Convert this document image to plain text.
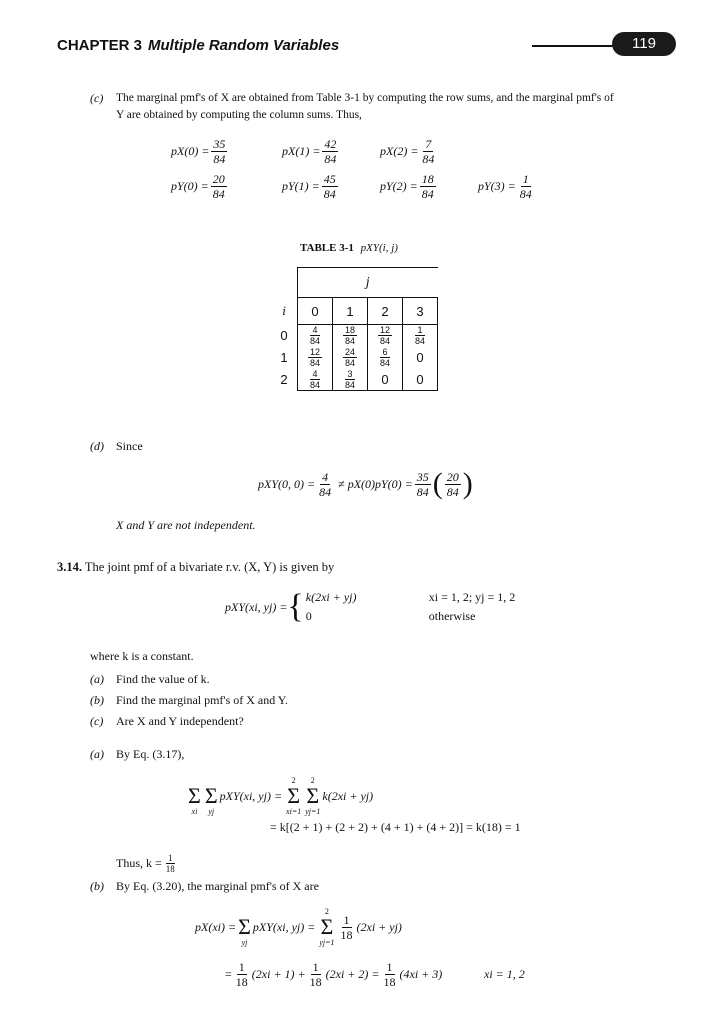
CHAPTER 3 Multiple Random Variables	119
(c) The marginal pmf's of X are obtained from Table 3-1 by computing the row sums, and the marginal pmf's of
Y are obtained by computing the column sums. Thus,
$pX(0) = \frac{35}{84}$	$pX(1) = \frac{42}{84}$	$pX(2) = \frac{7}{84}$
$pY(0) = \frac{20}{84}$	$pY(1) = \frac{45}{84}$	$pY(2) = \frac{18}{84}$	$pY(3) = \frac{1}{84}$
TABLE 3-1 pXY(i, j)
	j			
i	0	1	2	3
0	$\frac{4}{84}$	$\frac{18}{84}$	$\frac{12}{84}$	$\frac{1}{84}$

1	$\frac{12}{84}$	$\frac{24}{84}$	$\frac{6}{84}$	0
2	$\frac{4}{84}$	$\frac{3}{84}$	0	0
(d) Since
pXY(0, $0) = \frac{4}{84} \ne pX(0)pY(0) = \frac{35}{84}$ ( $\frac{20}{84}$ )
X and Y are not independent.
3.14. The joint pmf of a bivariate r.v. (X, Y) is given by
pXY(xi, yj) = { k(2xi + yj)	xi = 1, 2; yj = 1, 2
0	otherwise
where k is a constant.
(a) Find the value of k.
(b) Find the marginal pmf's of X and Y.
(c) Are X and Y independent?
(a) By Eq. (3.17),

Σ
xi

Σ
yj
pXY(xi, yj) =
2
Σ
xi=1
2
Σ
yj=1
k(2xi + yj)
= k[(2 + 1) + (2 + 2) + (4 + 1) + (4 + 2)] = k(18) = 1
Thus, $k = \frac{1}{18}$
(b) By Eq. (3.20), the marginal pmf's of X are
pX(xi) =
Σ
yj
pXY(xi, yj) =
2
Σ
yj=1
$\frac{1}{18} (2xi + yj)$
= $\frac{1}{18} (2xi + 1) + \frac{1}{18} (2xi + 2) = \frac{1}{18} (4xi + 3)$	xi = 1, 2
